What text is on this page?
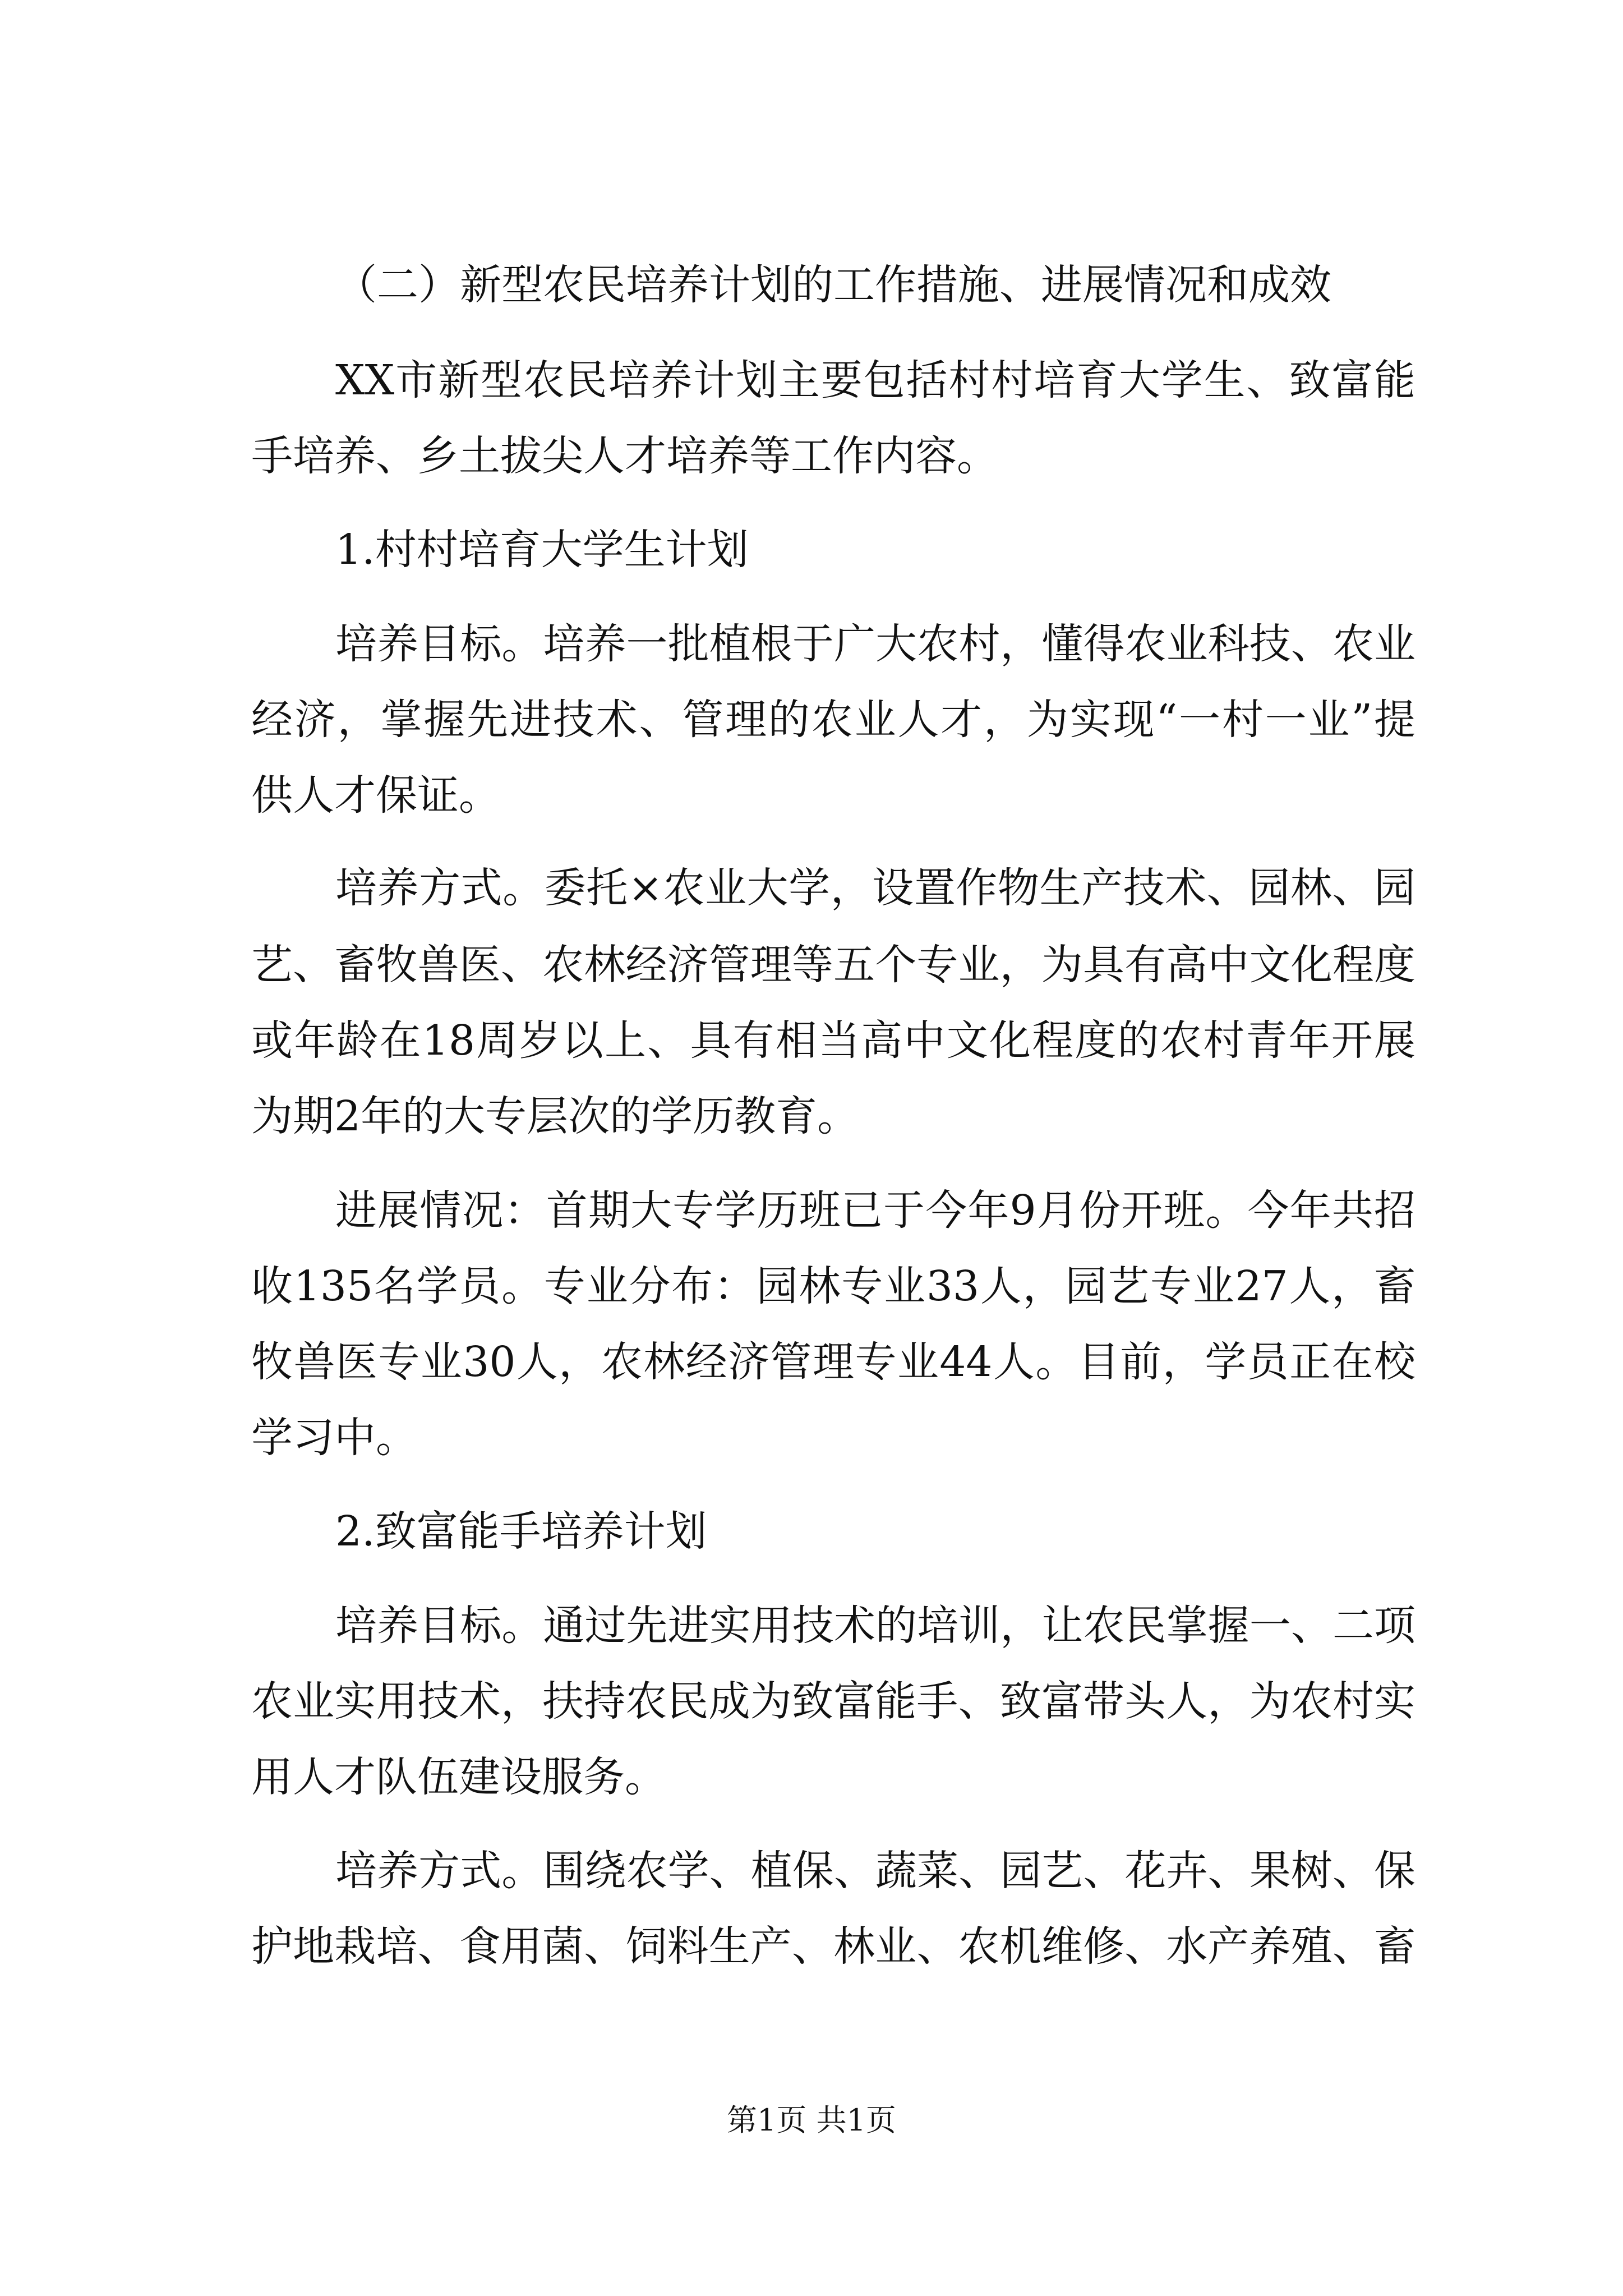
（二）新型农民培养计划的工作措施、进展情况和成效
XX市新型农民培养计划主要包括村村培育大学生、致富能
手培养、乡土拔尖人才培养等工作内容。
1.村村培育大学生计划
培养目标。培养一批植根于广大农村，懂得农业科技、农业
经济，掌握先进技术、管理的农业人才，为实现“一村一业”提
供人才保证。
培养方式。委托×农业大学，设置作物生产技术、园林、园
艺、畜牧兽医、农林经济管理等五个专业，为具有高中文化程度
或年龄在18周岁以上、具有相当高中文化程度的农村青年开展
为期2年的大专层次的学历教育。
进展情况：首期大专学历班已于今年9月份开班。今年共招
收135名学员。专业分布：园林专业33人，园艺专业27人，畜
牧兽医专业30人，农林经济管理专业44人。目前，学员正在校
学习中。
2.致富能手培养计划
培养目标。通过先进实用技术的培训，让农民掌握一、二项
农业实用技术，扶持农民成为致富能手、致富带头人，为农村实
用人才队伍建设服务。
培养方式。围绕农学、植保、蔬菜、园艺、花卉、果树、保
护地栽培、食用菌、饲料生产、林业、农机维修、水产养殖、畜
第1页 共1页
